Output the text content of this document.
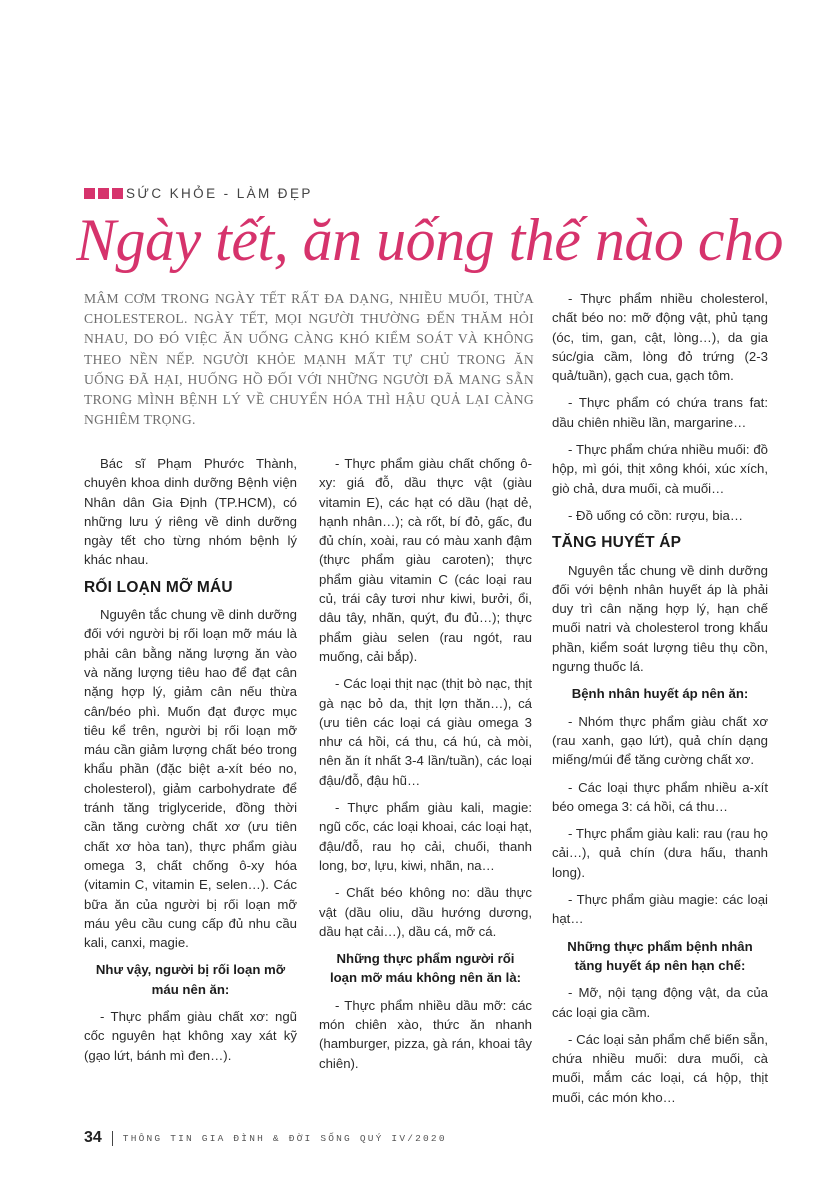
SỨC KHỎE - LÀM ĐẸP
Ngày tết, ăn uống thế nào cho
MÂM CƠM TRONG NGÀY TẾT RẤT ĐA DẠNG, NHIỀU MUỐI, THỪA CHOLESTEROL. NGÀY TẾT, MỌI NGƯỜI THƯỜNG ĐẾN THĂM HỎI NHAU, DO ĐÓ VIỆC ĂN UỐNG CÀNG KHÓ KIỂM SOÁT VÀ KHÔNG THEO NỀN NẾP. NGƯỜI KHỎE MẠNH MẤT TỰ CHỦ TRONG ĂN UỐNG ĐÃ HẠI, HUỐNG HỒ ĐỐI VỚI NHỮNG NGƯỜI ĐÃ MANG SẴN TRONG MÌNH BỆNH LÝ VỀ CHUYỂN HÓA THÌ HẬU QUẢ LẠI CÀNG NGHIÊM TRỌNG.

Bác sĩ Phạm Phước Thành, chuyên khoa dinh dưỡng Bệnh viện Nhân dân Gia Định (TP.HCM), có những lưu ý riêng về dinh dưỡng ngày tết cho từng nhóm bệnh lý khác nhau.

RỐI LOẠN MỠ MÁU

Nguyên tắc chung về dinh dưỡng đối với người bị rối loạn mỡ máu là phải cân bằng năng lượng ăn vào và năng lượng tiêu hao để đạt cân nặng hợp lý, giảm cân nếu thừa cân/béo phì. Muốn đạt được mục tiêu kể trên, người bị rối loạn mỡ máu cần giảm lượng chất béo trong khẩu phần (đặc biệt a-xít béo no, cholesterol), giảm carbohydrate để tránh tăng triglyceride, đồng thời cần tăng cường chất xơ (ưu tiên chất xơ hòa tan), thực phẩm giàu omega 3, chất chống ô-xy hóa (vitamin C, vitamin E, selen…). Các bữa ăn của người bị rối loạn mỡ máu yêu cầu cung cấp đủ nhu cầu kali, canxi, magie.

Như vậy, người bị rối loạn mỡ máu nên ăn:

- Thực phẩm giàu chất xơ: ngũ cốc nguyên hạt không xay xát kỹ (gạo lứt, bánh mì đen…).

- Thực phẩm giàu chất chống ô-xy: giá đỗ, dầu thực vật (giàu vitamin E), các hạt có dầu (hạt dẻ, hạnh nhân…); cà rốt, bí đỏ, gấc, đu đủ chín, xoài, rau có màu xanh đậm (thực phẩm giàu caroten); thực phẩm giàu vitamin C (các loại rau củ, trái cây tươi như kiwi, bưởi, ổi, dâu tây, nhãn, quýt, đu đủ…); thực phẩm giàu selen (rau ngót, rau muống, cải bắp).

- Các loại thịt nạc (thịt bò nạc, thịt gà nạc bỏ da, thịt lợn thăn…), cá (ưu tiên các loại cá giàu omega 3 như cá hồi, cá thu, cá hú, cà mòi, nên ăn ít nhất 3-4 lần/tuần), các loại đậu/đỗ, đậu hũ…

- Thực phẩm giàu kali, magie: ngũ cốc, các loại khoai, các loại hạt, đậu/đỗ, rau họ cải, chuối, thanh long, bơ, lựu, kiwi, nhãn, na…

- Chất béo không no: dầu thực vật (dầu oliu, dầu hướng dương, dầu hạt cải…), dầu cá, mỡ cá.

Những thực phẩm người rối loạn mỡ máu không nên ăn là:

- Thực phẩm nhiều dầu mỡ: các món chiên xào, thức ăn nhanh (hamburger, pizza, gà rán, khoai tây chiên).

- Thực phẩm nhiều cholesterol, chất béo no: mỡ động vật, phủ tạng (óc, tim, gan, cật, lòng…), da gia súc/gia cầm, lòng đỏ trứng (2-3 quả/tuần), gạch cua, gạch tôm.

- Thực phẩm có chứa trans fat: dầu chiên nhiều lần, margarine…

- Thực phẩm chứa nhiều muối: đồ hộp, mì gói, thịt xông khói, xúc xích, giò chả, dưa muối, cà muối…

- Đồ uống có cồn: rượu, bia…

TĂNG HUYẾT ÁP

Nguyên tắc chung về dinh dưỡng đối với bệnh nhân huyết áp là phải duy trì cân nặng hợp lý, hạn chế muối natri và cholesterol trong khẩu phần, kiểm soát lượng tiêu thụ cồn, ngưng thuốc lá.

Bệnh nhân huyết áp nên ăn:

- Nhóm thực phẩm giàu chất xơ (rau xanh, gạo lứt), quả chín dạng miếng/múi để tăng cường chất xơ.

- Các loại thực phẩm nhiều a-xít béo omega 3: cá hồi, cá thu…

- Thực phẩm giàu kali: rau (rau họ cải…), quả chín (dưa hấu, thanh long).

- Thực phẩm giàu magie: các loại hạt…

Những thực phẩm bệnh nhân tăng huyết áp nên hạn chế:

- Mỡ, nội tạng động vật, da của các loại gia cầm.

- Các loại sản phẩm chế biến sẵn, chứa nhiều muối: dưa muối, cà muối, mắm các loại, cá hộp, thịt muối, các món kho…

34 THÔNG TIN GIA ĐÌNH & ĐỜI SỐNG QUÝ IV/2020
